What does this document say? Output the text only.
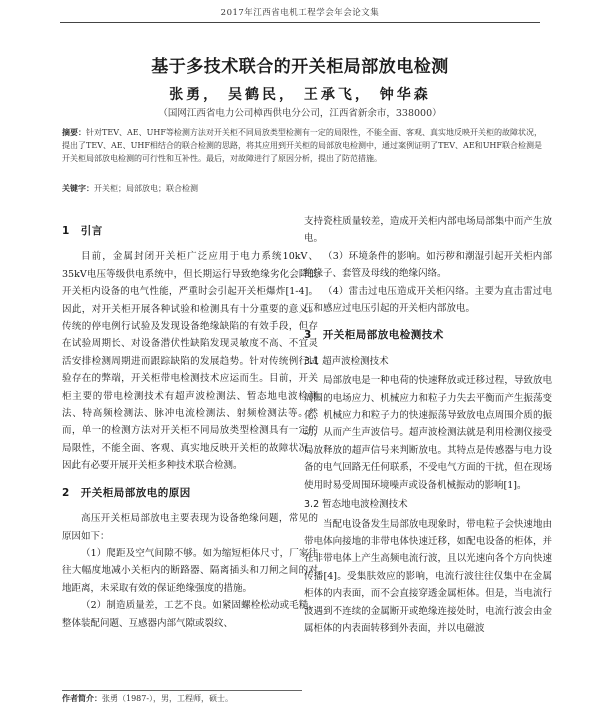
2017年江西省电机工程学会年会论文集
基于多技术联合的开关柜局部放电检测
张勇， 吴鹤民， 王承飞， 钟华森
（国网江西省电力公司樟西供电分公司，江西省新余市，338000）
摘要：针对TEV、AE、UHF等检测方法对开关柜不同局放类型检测有一定的局限性，不能全面、客观、真实地反映开关柜的故障状况，提出了TEV、AE、UHF相结合的联合检测的思路，将其应用到开关柜的局部放电检测中，通过案例证明了TEV、AE和UHF联合检测是开关柜局部放电检测的可行性和互补性。最后，对故障进行了原因分析，提出了防范措施。
关键字：开关柜；局部放电；联合检测
1　引言

目前，金属封闭开关柜广泛应用于电力系统10kV、35kV电压等级供电系统中，但长期运行导致绝缘劣化会降低开关柜内设备的电气性能，严重时会引起开关柜爆炸[1-4]。因此，对开关柜开展各种试验和检测具有十分重要的意义。传统的停电例行试验及发现设备绝缘缺陷的有效手段，但存在试验周期长、对设备潜伏性缺陷发现灵敏度不高、不宜灵活安排检测周期进而跟踪缺陷的发展趋势。针对传统例行试验存在的弊端，开关柜带电检测技术应运而生。目前，开关柜主要的带电检测技术有超声波检测法、暂态地电波检测法、特高频检测法、脉冲电流检测法、射频检测法等。然而，单一的检测方法对开关柜不同局放类型检测具有一定的局限性，不能全面、客观、真实地反映开关柜的故障状况，因此有必要开展开关柜多种技术联合检测。

2　开关柜局部放电的原因

高压开关柜局部放电主要表现为设备绝缘问题，常见的原因如下：

（1）爬距及空气间隙不够。如为缩短柜体尺寸，厂家往往大幅度地减小关柜内的断路器、隔离插头和刀闸之间的对地距离，未采取有效的保证绝缘强度的措施。

（2）制造质量差，工艺不良。如紧固螺栓松动或毛糙、整体装配问题、互感器内部气隙或裂纹、

支持瓷柱质量较差，造成开关柜内部电场局部集中而产生放电。

（3）环境条件的影响。如污秽和潮湿引起开关柜内部绝缘子、套管及母线的绝缘闪络。

（4）雷击过电压造成开关柜闪络。主要为直击雷过电压和感应过电压引起的开关柜内部放电。

3　开关柜局部放电检测技术
3.1 超声波检测技术

局部放电是一种电荷的快速释放或迁移过程，导致放电周围的电场应力、机械应力和粒子力失去平衡而产生振荡变化，机械应力和粒子力的快速振荡导致放电点周围介质的振动，从而产生声波信号。超声波检测法就是利用检测仪接受局放释放的超声信号来判断放电。其特点是传感器与电力设备的电气回路无任何联系，不受电气方面的干扰，但在现场使用时易受周围环境噪声或设备机械振动的影响[1]。

3.2 暂态地电波检测技术

当配电设备发生局部放电现象时，带电粒子会快速地由带电体向接地的非带电体快速迁移，如配电设备的柜体，并在非带电体上产生高频电流行波，且以光速向各个方向快速传播[4]。受集肤效应的影响，电流行波往往仅集中在金属柜体的内表面，而不会直接穿透金属柜体。但是，当电流行波遇到不连续的金属断开或绝缘连接处时，电流行波会由金属柜体的内表面转移到外表面，并以电磁波

作者简介：张勇（1987-），男，工程师，硕士。
